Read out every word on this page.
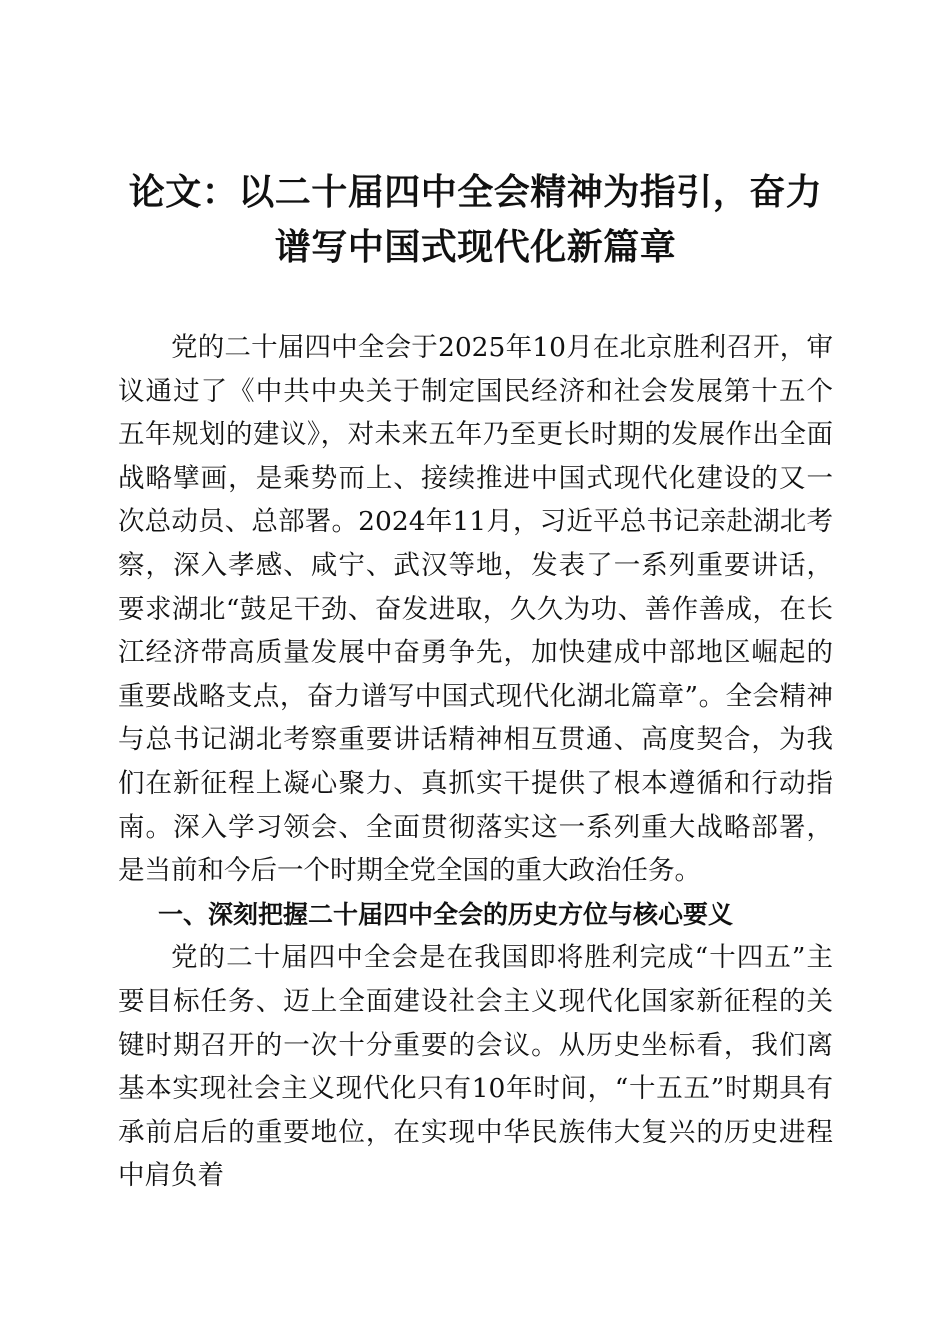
论文：以二十届四中全会精神为指引，奋力谱写中国式现代化新篇章

党的二十届四中全会于2025年10月在北京胜利召开，审议通过了《中共中央关于制定国民经济和社会发展第十五个五年规划的建议》，对未来五年乃至更长时期的发展作出全面战略擘画，是乘势而上、接续推进中国式现代化建设的又一次总动员、总部署。2024年11月，习近平总书记亲赴湖北考察，深入孝感、咸宁、武汉等地，发表了一系列重要讲话，要求湖北“鼓足干劲、奋发进取，久久为功、善作善成，在长江经济带高质量发展中奋勇争先，加快建成中部地区崛起的重要战略支点，奋力谱写中国式现代化湖北篇章”。全会精神与总书记湖北考察重要讲话精神相互贯通、高度契合，为我们在新征程上凝心聚力、真抓实干提供了根本遵循和行动指南。深入学习领会、全面贯彻落实这一系列重大战略部署，是当前和今后一个时期全党全国的重大政治任务。

一、深刻把握二十届四中全会的历史方位与核心要义

党的二十届四中全会是在我国即将胜利完成“十四五”主要目标任务、迈上全面建设社会主义现代化国家新征程的关键时期召开的一次十分重要的会议。从历史坐标看，我们离基本实现社会主义现代化只有10年时间，“十五五”时期具有承前启后的重要地位，在实现中华民族伟大复兴的历史进程中肩负着
